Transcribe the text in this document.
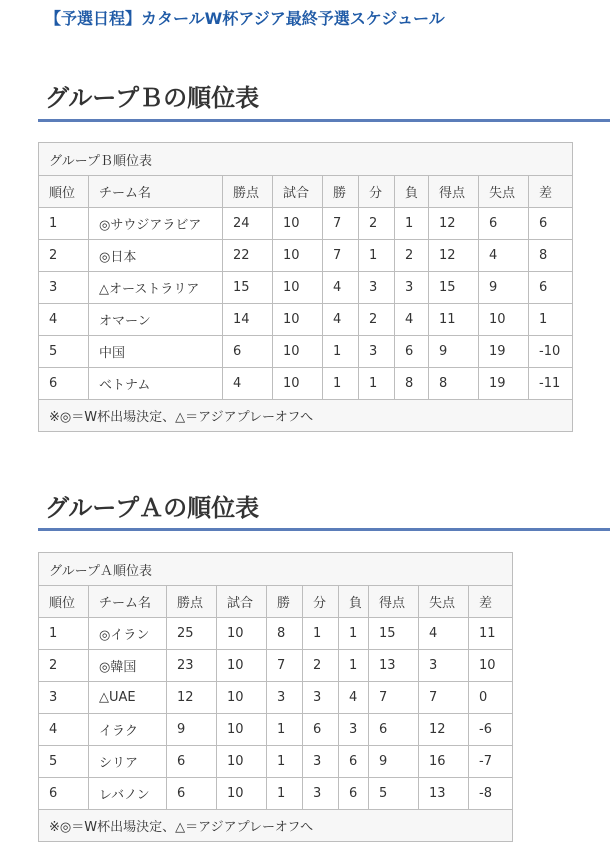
【予選日程】カタールW杯アジア最終予選スケジュール
グループＢの順位表
グループＢ順位表									
順位	チーム名	勝点	試合	勝	分	負	得点	失点	差
1	◎サウジアラビア	24	10	7	2	1	12	6	6
2	◎日本	22	10	7	1	2	12	4	8
3	△オーストラリア	15	10	4	3	3	15	9	6
4	オマーン	14	10	4	2	4	11	10	1
5	中国	6	10	1	3	6	9	19	-10
6	ベトナム	4	10	1	1	8	8	19	-11
※◎＝W杯出場決定、△＝アジアプレーオフへ									
グループＡの順位表
グループＡ順位表									
順位	チーム名	勝点	試合	勝	分	負	得点	失点	差
1	◎イラン	25	10	8	1	1	15	4	11
2	◎韓国	23	10	7	2	1	13	3	10
3	△UAE	12	10	3	3	4	7	7	0
4	イラク	9	10	1	6	3	6	12	-6
5	シリア	6	10	1	3	6	9	16	-7
6	レバノン	6	10	1	3	6	5	13	-8
※◎＝W杯出場決定、△＝アジアプレーオフへ									
